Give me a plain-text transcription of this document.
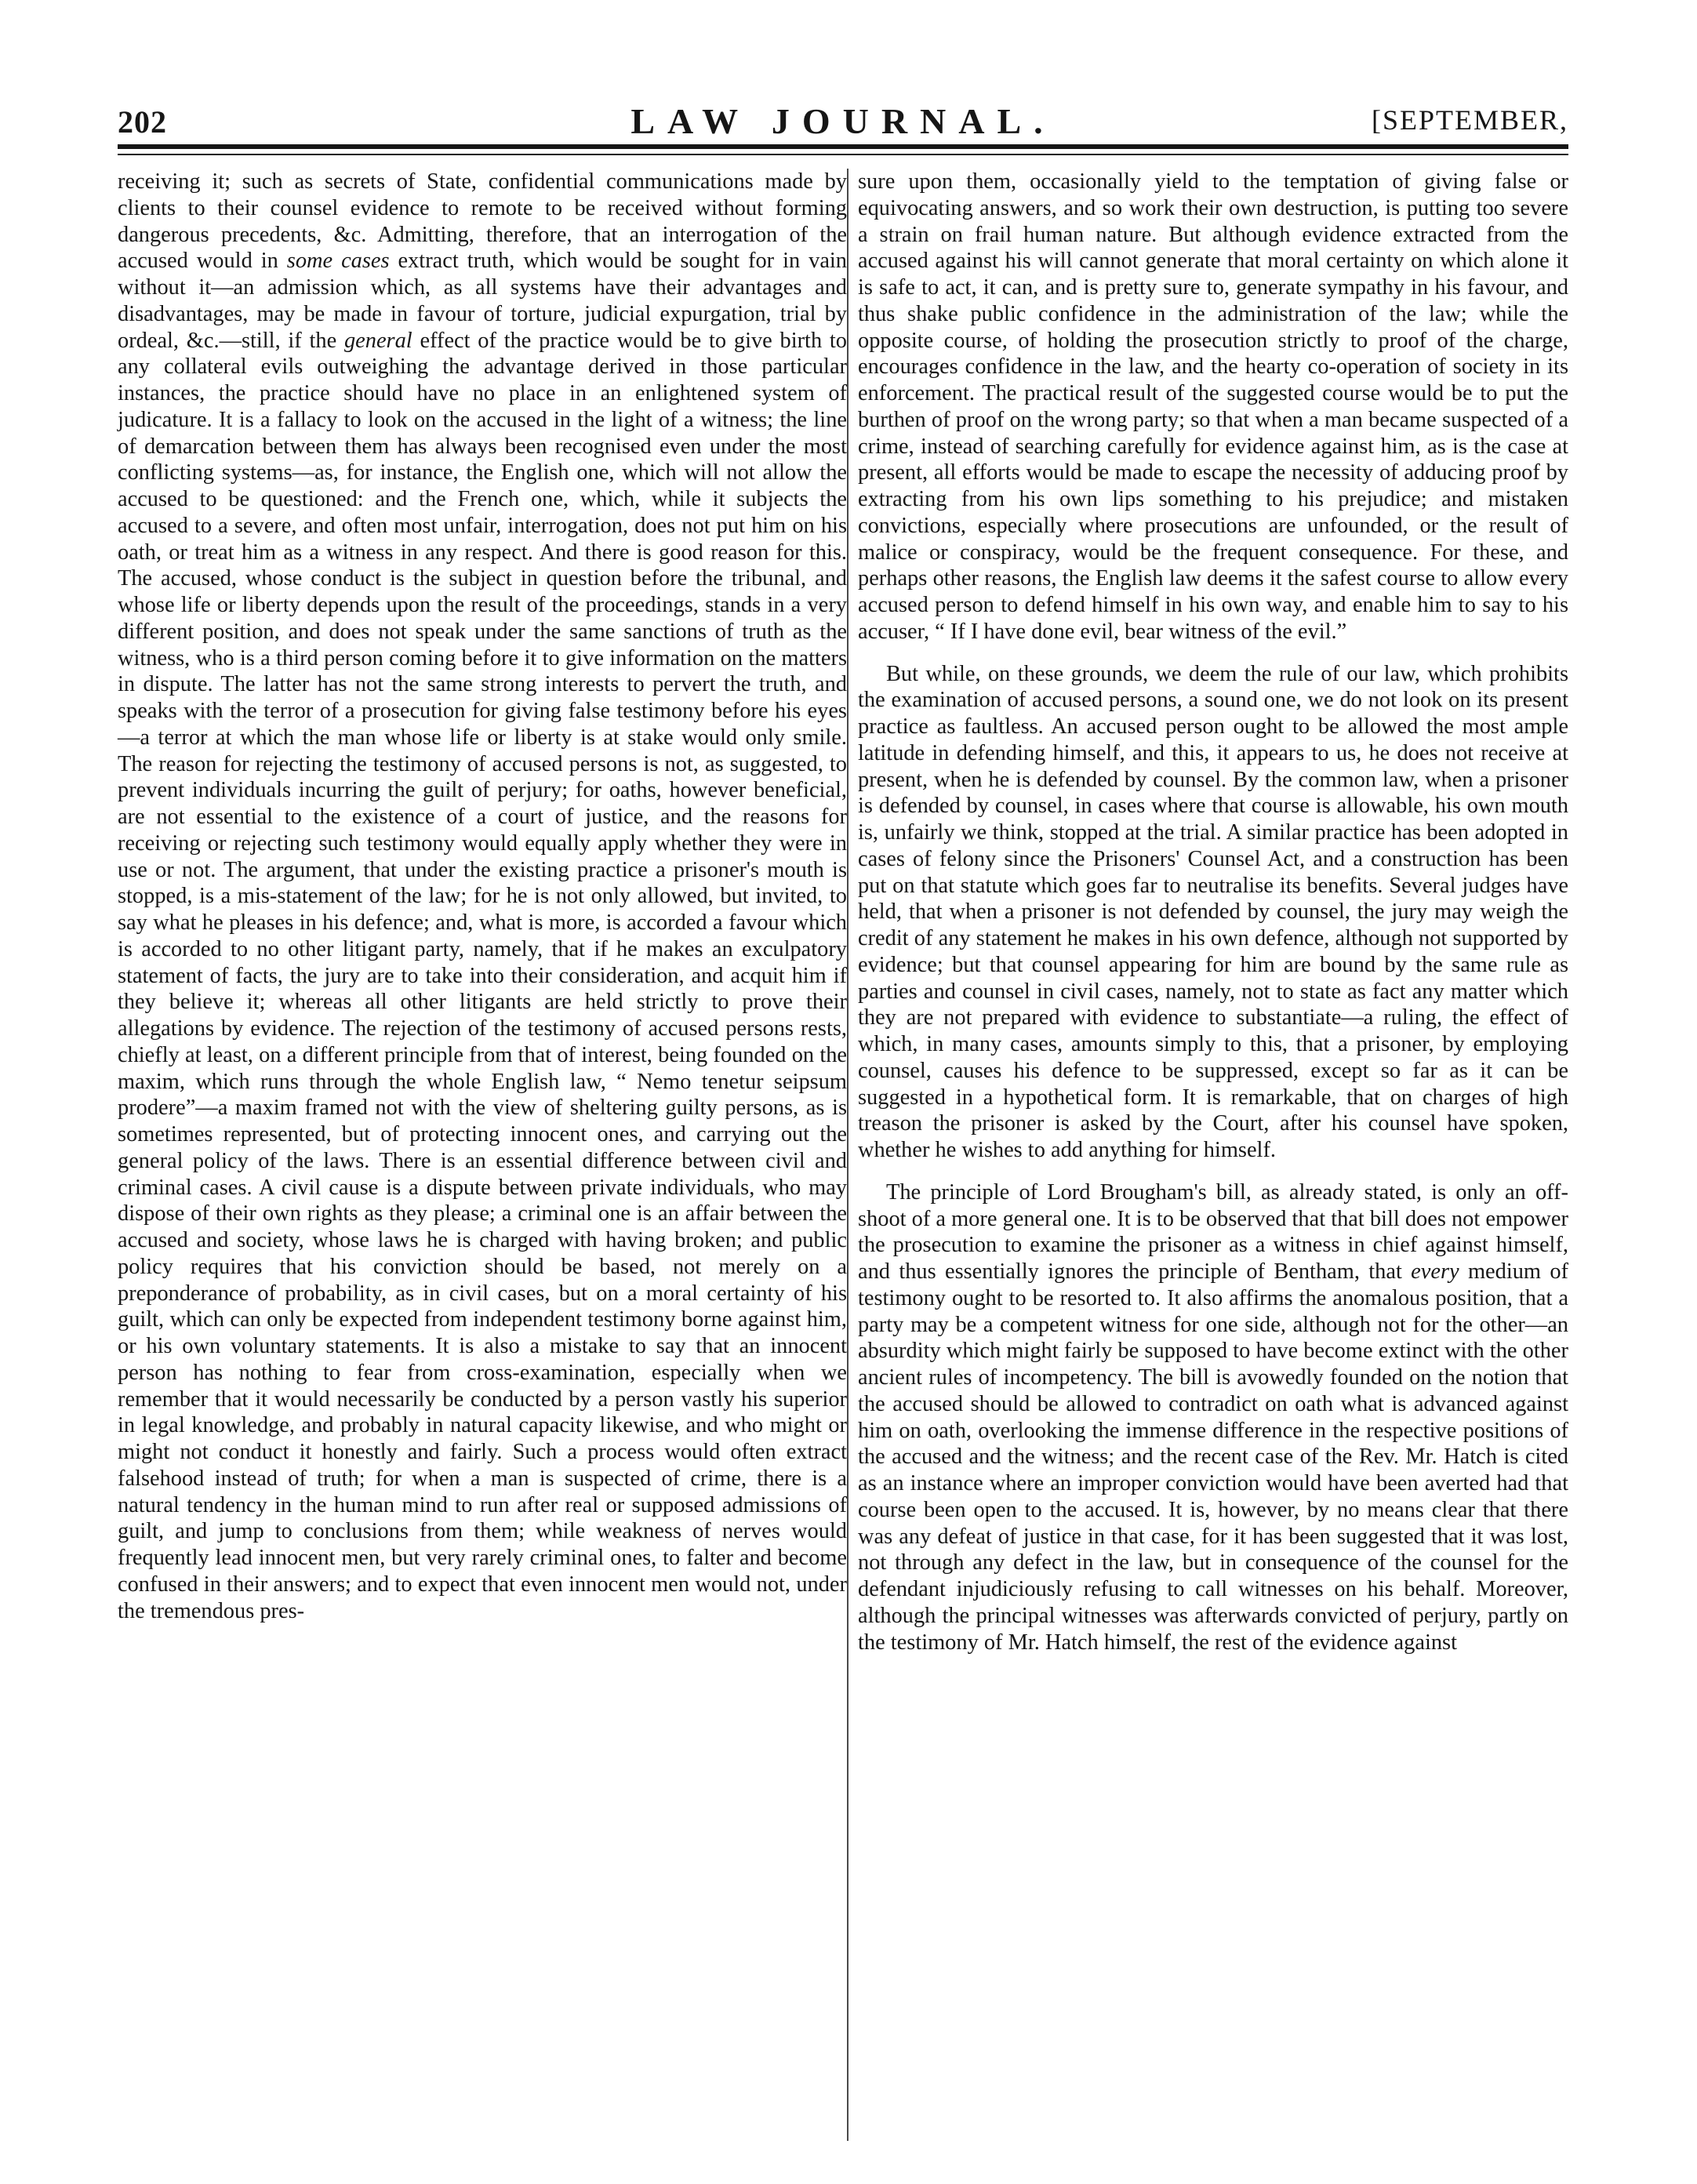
202	LAW JOURNAL.	[SEPTEMBER,

receiving it; such as secrets of State, confidential communications made by clients to their counsel evidence to remote to be received without forming dangerous precedents, &c. Admitting, therefore, that an interrogation of the accused would in some cases extract truth, which would be sought for in vain without it—an admission which, as all systems have their advantages and disadvantages, may be made in favour of torture, judicial expurgation, trial by ordeal, &c.—still, if the general effect of the practice would be to give birth to any collateral evils outweighing the advantage derived in those particular instances, the practice should have no place in an enlightened system of judicature. It is a fallacy to look on the accused in the light of a witness; the line of demarcation between them has always been recognised even under the most conflicting systems—as, for instance, the English one, which will not allow the accused to be questioned: and the French one, which, while it subjects the accused to a severe, and often most unfair, interrogation, does not put him on his oath, or treat him as a witness in any respect. And there is good reason for this. The accused, whose conduct is the subject in question before the tribunal, and whose life or liberty depends upon the result of the proceedings, stands in a very different position, and does not speak under the same sanctions of truth as the witness, who is a third person coming before it to give information on the matters in dispute. The latter has not the same strong interests to pervert the truth, and speaks with the terror of a prosecution for giving false testimony before his eyes—a terror at which the man whose life or liberty is at stake would only smile. The reason for rejecting the testimony of accused persons is not, as suggested, to prevent individuals incurring the guilt of perjury; for oaths, however beneficial, are not essential to the existence of a court of justice, and the reasons for receiving or rejecting such testimony would equally apply whether they were in use or not. The argument, that under the existing practice a prisoner's mouth is stopped, is a mis-statement of the law; for he is not only allowed, but invited, to say what he pleases in his defence; and, what is more, is accorded a favour which is accorded to no other litigant party, namely, that if he makes an exculpatory statement of facts, the jury are to take into their consideration, and acquit him if they believe it; whereas all other litigants are held strictly to prove their allegations by evidence. The rejection of the testimony of accused persons rests, chiefly at least, on a different principle from that of interest, being founded on the maxim, which runs through the whole English law, “ Nemo tenetur seipsum prodere”—a maxim framed not with the view of sheltering guilty persons, as is sometimes represented, but of protecting innocent ones, and carrying out the general policy of the laws. There is an essential difference between civil and criminal cases. A civil cause is a dispute between private individuals, who may dispose of their own rights as they please; a criminal one is an affair between the accused and society, whose laws he is charged with having broken; and public policy requires that his conviction should be based, not merely on a preponderance of probability, as in civil cases, but on a moral certainty of his guilt, which can only be expected from independent testimony borne against him, or his own voluntary statements. It is also a mistake to say that an innocent person has nothing to fear from cross-examination, especially when we remember that it would necessarily be conducted by a person vastly his superior in legal knowledge, and probably in natural capacity likewise, and who might or might not conduct it honestly and fairly. Such a process would often extract falsehood instead of truth; for when a man is suspected of crime, there is a natural tendency in the human mind to run after real or supposed admissions of guilt, and jump to conclusions from them; while weakness of nerves would frequently lead innocent men, but very rarely criminal ones, to falter and become confused in their answers; and to expect that even innocent men would not, under the tremendous pres-

sure upon them, occasionally yield to the temptation of giving false or equivocating answers, and so work their own destruction, is putting too severe a strain on frail human nature. But although evidence extracted from the accused against his will cannot generate that moral certainty on which alone it is safe to act, it can, and is pretty sure to, generate sympathy in his favour, and thus shake public confidence in the administration of the law; while the opposite course, of holding the prosecution strictly to proof of the charge, encourages confidence in the law, and the hearty co-operation of society in its enforcement. The practical result of the suggested course would be to put the burthen of proof on the wrong party; so that when a man became suspected of a crime, instead of searching carefully for evidence against him, as is the case at present, all efforts would be made to escape the necessity of adducing proof by extracting from his own lips something to his prejudice; and mistaken convictions, especially where prosecutions are unfounded, or the result of malice or conspiracy, would be the frequent consequence. For these, and perhaps other reasons, the English law deems it the safest course to allow every accused person to defend himself in his own way, and enable him to say to his accuser, “ If I have done evil, bear witness of the evil.”

But while, on these grounds, we deem the rule of our law, which prohibits the examination of accused persons, a sound one, we do not look on its present practice as faultless. An accused person ought to be allowed the most ample latitude in defending himself, and this, it appears to us, he does not receive at present, when he is defended by counsel. By the common law, when a prisoner is defended by counsel, in cases where that course is allowable, his own mouth is, unfairly we think, stopped at the trial. A similar practice has been adopted in cases of felony since the Prisoners' Counsel Act, and a construction has been put on that statute which goes far to neutralise its benefits. Several judges have held, that when a prisoner is not defended by counsel, the jury may weigh the credit of any statement he makes in his own defence, although not supported by evidence; but that counsel appearing for him are bound by the same rule as parties and counsel in civil cases, namely, not to state as fact any matter which they are not prepared with evidence to substantiate—a ruling, the effect of which, in many cases, amounts simply to this, that a prisoner, by employing counsel, causes his defence to be suppressed, except so far as it can be suggested in a hypothetical form. It is remarkable, that on charges of high treason the prisoner is asked by the Court, after his counsel have spoken, whether he wishes to add anything for himself.

The principle of Lord Brougham's bill, as already stated, is only an off-shoot of a more general one. It is to be observed that that bill does not empower the prosecution to examine the prisoner as a witness in chief against himself, and thus essentially ignores the principle of Bentham, that every medium of testimony ought to be resorted to. It also affirms the anomalous position, that a party may be a competent witness for one side, although not for the other—an absurdity which might fairly be supposed to have become extinct with the other ancient rules of incompetency. The bill is avowedly founded on the notion that the accused should be allowed to contradict on oath what is advanced against him on oath, overlooking the immense difference in the respective positions of the accused and the witness; and the recent case of the Rev. Mr. Hatch is cited as an instance where an improper conviction would have been averted had that course been open to the accused. It is, however, by no means clear that there was any defeat of justice in that case, for it has been suggested that it was lost, not through any defect in the law, but in consequence of the counsel for the defendant injudiciously refusing to call witnesses on his behalf. Moreover, although the principal witnesses was afterwards convicted of perjury, partly on the testimony of Mr. Hatch himself, the rest of the evidence against
